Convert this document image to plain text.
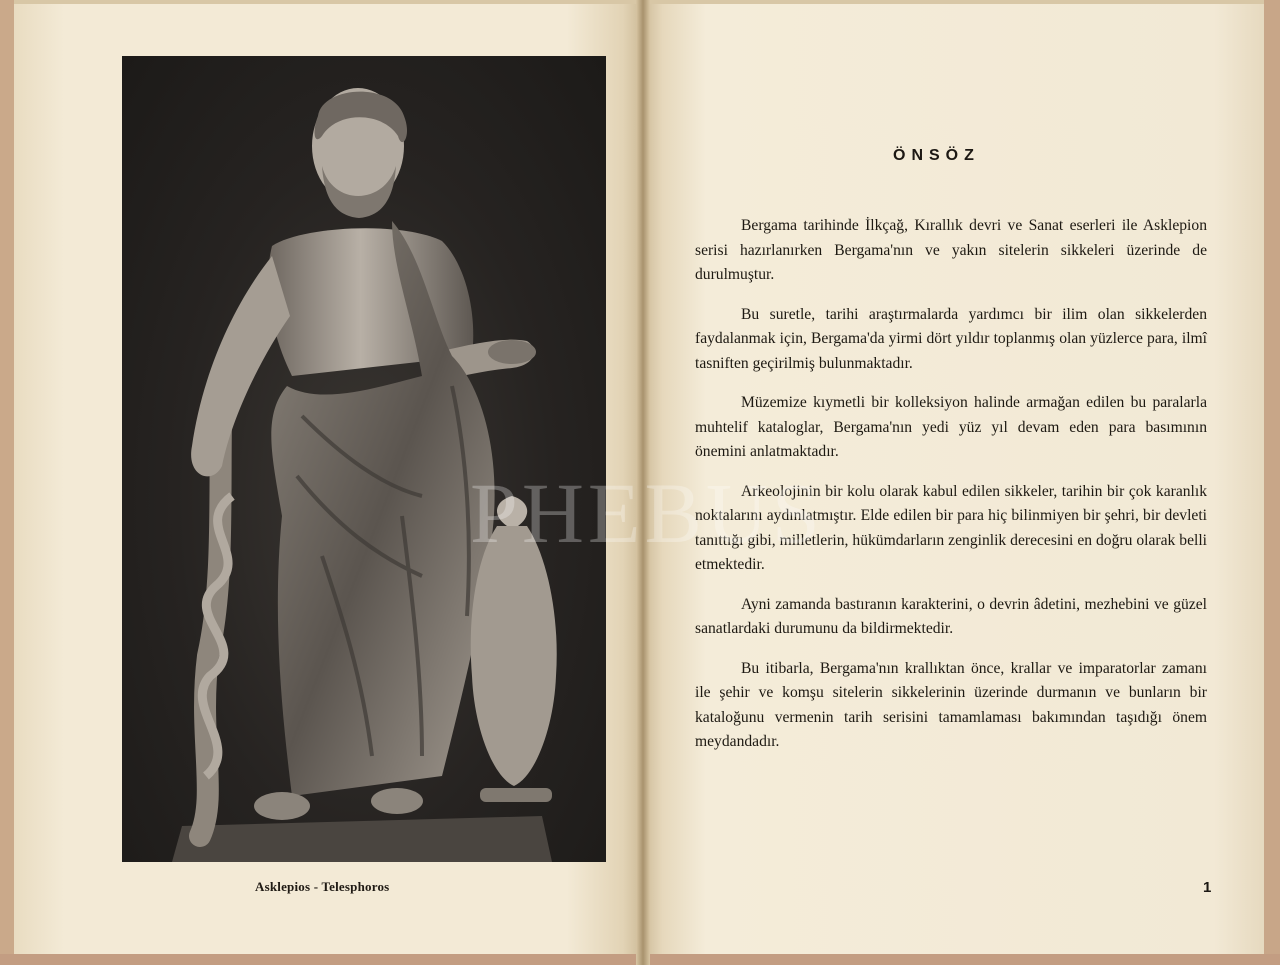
Asklepios - Telesphoros
ÖNSÖZ

Bergama tarihinde İlkçağ, Kırallık devri ve Sanat eserleri ile Asklepion serisi hazırlanırken Bergama'nın ve yakın sitelerin sikkeleri üzerinde de durulmuştur.

Bu suretle, tarihi araştırmalarda yardımcı bir ilim olan sikkelerden faydalanmak için, Bergama'da yirmi dört yıldır toplanmış olan yüzlerce para, ilmî tasniften geçirilmiş bulunmaktadır.

Müzemize kıymetli bir kolleksiyon halinde armağan edilen bu paralarla muhtelif kataloglar, Bergama'nın yedi yüz yıl devam eden para basımının önemini anlatmaktadır.

Arkeolojinin bir kolu olarak kabul edilen sikkeler, tarihin bir çok karanlık noktalarını aydınlatmıştır. Elde edilen bir para hiç bilinmiyen bir şehri, bir devleti tanıttığı gibi, milletlerin, hükümdarların zenginlik derecesini en doğru olarak belli etmektedir.

Ayni zamanda bastıranın karakterini, o devrin âdetini, mezhebini ve güzel sanatlardaki durumunu da bildirmektedir.

Bu itibarla, Bergama'nın krallıktan önce, krallar ve imparatorlar zamanı ile şehir ve komşu sitelerin sikkelerinin üzerinde durmanın ve bunların bir kataloğunu vermenin tarih serisini tamamlaması bakımından taşıdığı önem meydandadır.

1
PHEBUS
